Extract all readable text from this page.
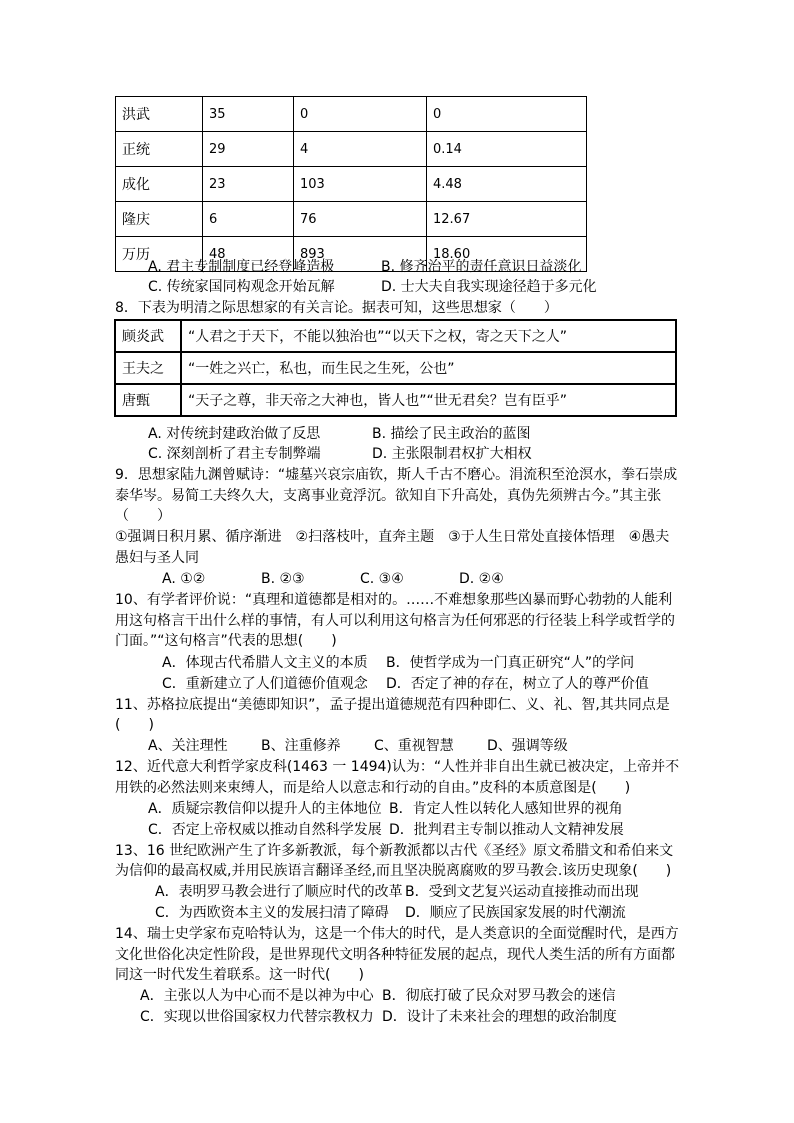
洪武	35	0	0
正统	29	4	0.14
成化	23	103	4.48
隆庆	6	76	12.67
万历	48	893	18.60
A. 君主专制制度已经登峰造极	B. 修齐治平的责任意识日益淡化
C. 传统家国同构观念开始瓦解	D. 士大夫自我实现途径趋于多元化
8．下表为明清之际思想家的有关言论。据表可知，这些思想家（　　）
顾炎武	“人君之于天下，不能以独治也”“以天下之权，寄之天下之人”
王夫之	“一姓之兴亡，私也，而生民之生死，公也”
唐甄	“天子之尊，非天帝之大神也，皆人也”“世无君矣？岂有臣乎”
A. 对传统封建政治做了反思	B. 描绘了民主政治的蓝图
C. 深刻剖析了君主专制弊端	D. 主张限制君权扩大相权
9．思想家陆九渊曾赋诗：“墟墓兴哀宗庙钦，斯人千古不磨心。涓流积至沧溟水，拳石崇成
泰华岑。易简工夫终久大，支离事业竟浮沉。欲知自下升高处，真伪先须辨古今。”其主张
（　　）
①强调日积月累、循序渐进　②扫落枝叶，直奔主题　③于人生日常处直接体悟理　④愚夫
愚妇与圣人同
A. ①②	B. ②③	C. ③④	D. ②④
10、有学者评价说：“真理和道德都是相对的。……不难想象那些凶暴而野心勃勃的人能利
用这句格言干出什么样的事情，有人可以利用这句格言为任何邪恶的行径装上科学或哲学的
门面。”“这句格言”代表的思想(　　)
A．体现古代希腊人文主义的本质 B．使哲学成为一门真正研究“人”的学问
C．重新建立了人们道德价值观念 D．否定了神的存在，树立了人的尊严价值
11、苏格拉底提出“美德即知识”，孟子提出道德规范有四种即仁、义、礼、智,其共同点是
(　　)
A、关注理性 B、注重修养 C、重视智慧 D、强调等级
12、近代意大利哲学家皮科(1463 一 1494)认为：“人性并非自出生就已被决定，上帝并不
用铁的必然法则来束缚人，而是给人以意志和行动的自由。”皮科的本质意图是(　　)
A．质疑宗教信仰以提升人的主体地位 B．肯定人性以转化人感知世界的视角
C．否定上帝权威以推动自然科学发展 D．批判君主专制以推动人文精神发展
13、16 世纪欧洲产生了许多新教派，每个新教派都以古代《圣经》原文希腊文和希伯来文
为信仰的最高权威,并用民族语言翻译圣经,而且坚决脱离腐败的罗马教会.该历史现象(　　)
A．表明罗马教会进行了顺应时代的改革 B．受到文艺复兴运动直接推动而出现
C．为西欧资本主义的发展扫清了障碍 D．顺应了民族国家发展的时代潮流
14、瑞士史学家布克哈特认为，这是一个伟大的时代，是人类意识的全面觉醒时代，是西方
文化世俗化决定性阶段，是世界现代文明各种特征发展的起点，现代人类生活的所有方面都
同这一时代发生着联系。这一时代(　　)
A．主张以人为中心而不是以神为中心 B．彻底打破了民众对罗马教会的迷信
C．实现以世俗国家权力代替宗教权力 D．设计了未来社会的理想的政治制度
